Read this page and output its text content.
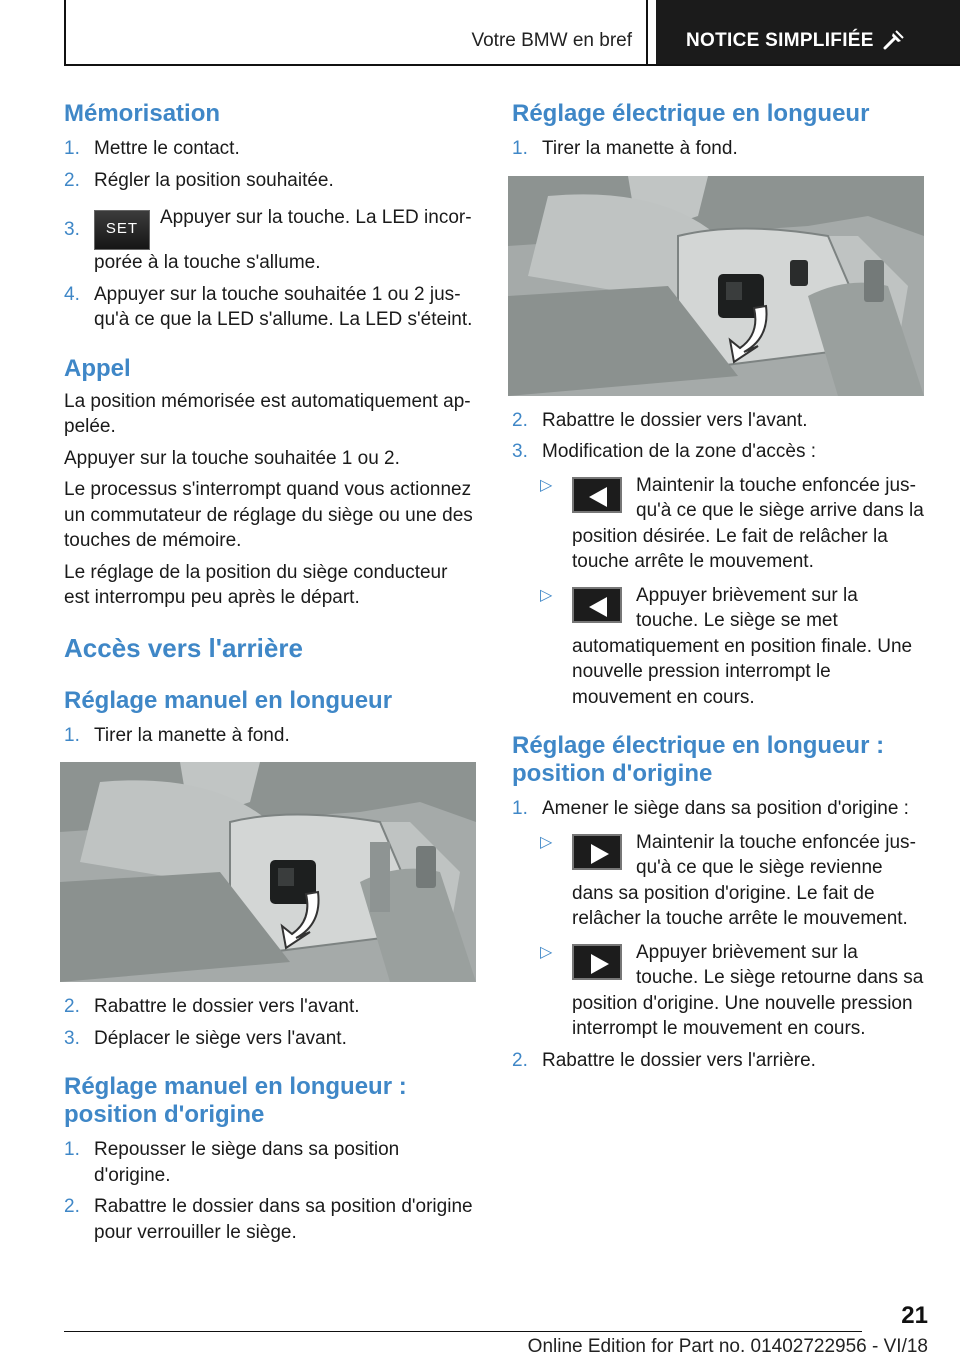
Votre BMW en bref	NOTICE SIMPLIFIÉE
Mémorisation
1. Mettre le contact.
2. Régler la position souhaitée.
3. SETAppuyer sur la touche. La LED incorporée à la touche s'allume.
4. Appuyer sur la touche souhaitée 1 ou 2 jusqu'à ce que la LED s'allume. La LED s'éteint.
Appel
La position mémorisée est automatiquement appelée.
Appuyer sur la touche souhaitée 1 ou 2.
Le processus s'interrompt quand vous actionnez un commutateur de réglage du siège ou une des touches de mémoire.
Le réglage de la position du siège conducteur est interrompu peu après le départ.
Accès vers l'arrière
Réglage manuel en longueur
1. Tirer la manette à fond.
2. Rabattre le dossier vers l'avant.
3. Déplacer le siège vers l'avant.
Réglage manuel en longueur :
position d'origine
1. Repousser le siège dans sa position d'origine.
2. Rabattre le dossier dans sa position d'origine pour verrouiller le siège.
Réglage électrique en longueur
1. Tirer la manette à fond.
2. Rabattre le dossier vers l'avant.
3. Modification de la zone d'accès :
▷	Maintenir la touche enfoncée jusqu'à ce que le siège arrive dans la position désirée. Le fait de relâcher la touche arrête le mouvement.
▷	Appuyer brièvement sur la touche. Le siège se met automatiquement en position finale. Une nouvelle pression interrompt le mouvement en cours.
Réglage électrique en longueur :
position d'origine
1. Amener le siège dans sa position d'origine :
▷	Maintenir la touche enfoncée jusqu'à ce que le siège revienne dans sa position d'origine. Le fait de relâcher la touche arrête le mouvement.
▷	Appuyer brièvement sur la touche. Le siège retourne dans sa position d'origine. Une nouvelle pression interrompt le mouvement en cours.
2. Rabattre le dossier vers l'arrière.
21
Online Edition for Part no. 01402722956 - VI/18
